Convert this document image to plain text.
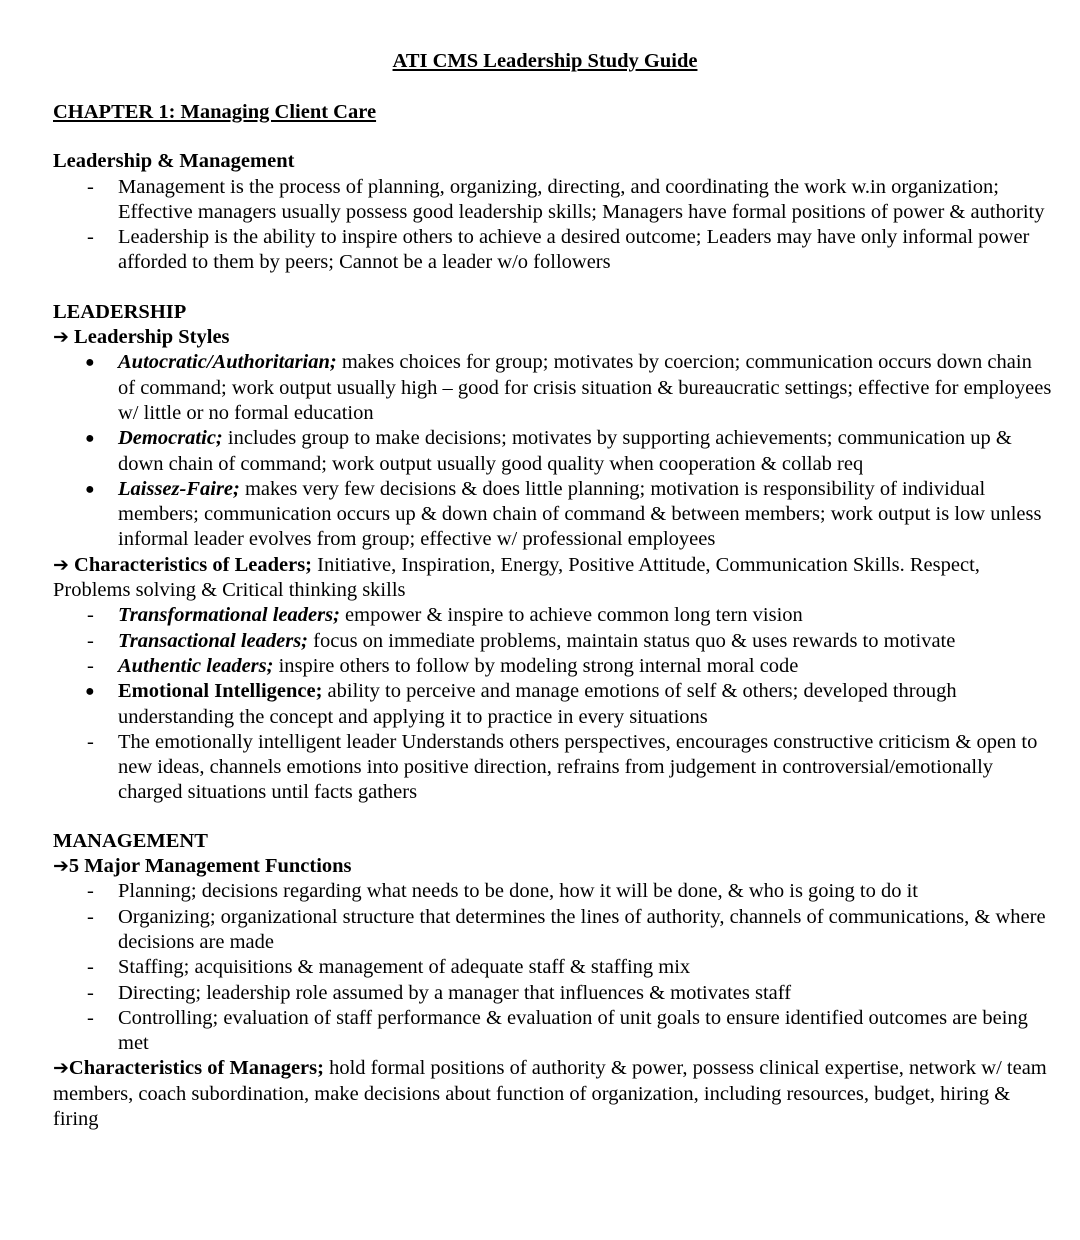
ATI CMS Leadership Study Guide

CHAPTER 1: Managing Client Care

Leadership & Management

- Management is the process of planning, organizing, directing, and coordinating the work w.in organization; Effective managers usually possess good leadership skills; Managers have formal positions of power & authority
- Leadership is the ability to inspire others to achieve a desired outcome; Leaders may have only informal power afforded to them by peers; Cannot be a leader w/o followers

LEADERSHIP

➔ Leadership Styles

● Autocratic/Authoritarian; makes choices for group; motivates by coercion; communication occurs down chain of command; work output usually high – good for crisis situation & bureaucratic settings; effective for employees w/ little or no formal education
● Democratic; includes group to make decisions; motivates by supporting achievements; communication up & down chain of command; work output usually good quality when cooperation & collab req
● Laissez-Faire; makes very few decisions & does little planning; motivation is responsibility of individual members; communication occurs up & down chain of command & between members; work output is low unless informal leader evolves from group; effective w/ professional employees

➔ Characteristics of Leaders; Initiative, Inspiration, Energy, Positive Attitude, Communication Skills. Respect, Problems solving & Critical thinking skills

- Transformational leaders; empower & inspire to achieve common long tern vision
- Transactional leaders; focus on immediate problems, maintain status quo & uses rewards to motivate
- Authentic leaders; inspire others to follow by modeling strong internal moral code
● Emotional Intelligence; ability to perceive and manage emotions of self & others; developed through understanding the concept and applying it to practice in every situations
- The emotionally intelligent leader Understands others perspectives, encourages constructive criticism & open to new ideas, channels emotions into positive direction, refrains from judgement in controversial/emotionally charged situations until facts gathers

MANAGEMENT

➔5 Major Management Functions

- Planning; decisions regarding what needs to be done, how it will be done, & who is going to do it
- Organizing; organizational structure that determines the lines of authority, channels of communications, & where decisions are made
- Staffing; acquisitions & management of adequate staff & staffing mix
- Directing; leadership role assumed by a manager that influences & motivates staff
- Controlling; evaluation of staff performance & evaluation of unit goals to ensure identified outcomes are being met

➔Characteristics of Managers; hold formal positions of authority & power, possess clinical expertise, network w/ team members, coach subordination, make decisions about function of organization, including resources, budget, hiring & firing
